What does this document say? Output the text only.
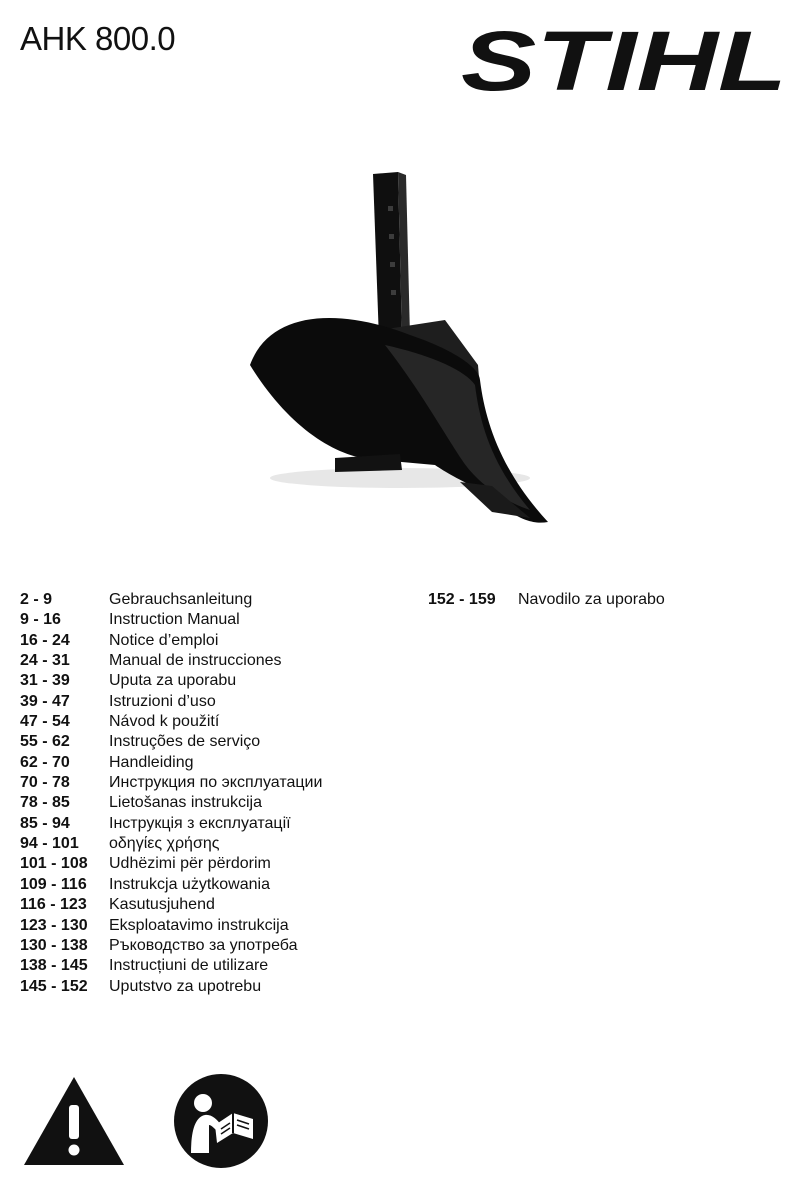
AHK 800.0	STIHL
2 - 9	Gebrauchsanleitung
9 - 16	Instruction Manual
16 - 24	Notice d’emploi
24 - 31	Manual de instrucciones
31 - 39	Uputa za uporabu
39 - 47	Istruzioni d’uso
47 - 54	Návod k použití
55 - 62	Instruções de serviço
62 - 70	Handleiding
70 - 78	Инструкция по эксплуатации
78 - 85	Lietošanas instrukcija
85 - 94	Інструкція з експлуатації
94 - 101	οδηγίες χρήσης
101 - 108	Udhëzimi për përdorim
109 - 116	Instrukcja użytkowania
116 - 123	Kasutusjuhend
123 - 130	Eksploatavimo instrukcija
130 - 138	Ръководство за употреба
138 - 145	Instrucțiuni de utilizare
145 - 152	Uputstvo za upotrebu
152 - 159	Navodilo za uporabo
